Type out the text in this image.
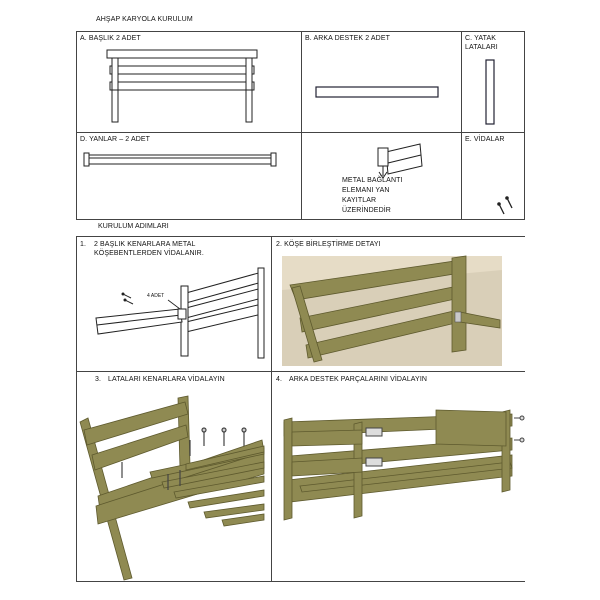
AHŞAP KARYOLA KURULUM
A. BAŞLIK 2 ADET	B. ARKA DESTEK 2 ADET	C. YATAK
LATALARI
D. YANLAR – 2 ADET
METAL BAĞLANTI
ELEMANI YAN
KAYITLAR
ÜZERİNDEDİR
E. VİDALAR
KURULUM ADIMLARI
1. 2 BAŞLIK KENARLARA METAL
KÖŞEBENTLERDEN VİDALANIR.
4 ADET
2. KÖŞE BİRLEŞTİRME DETAYI
3. LATALARI KENARLARA VİDALAYIN	4. ARKA DESTEK PARÇALARINI VİDALAYIN
